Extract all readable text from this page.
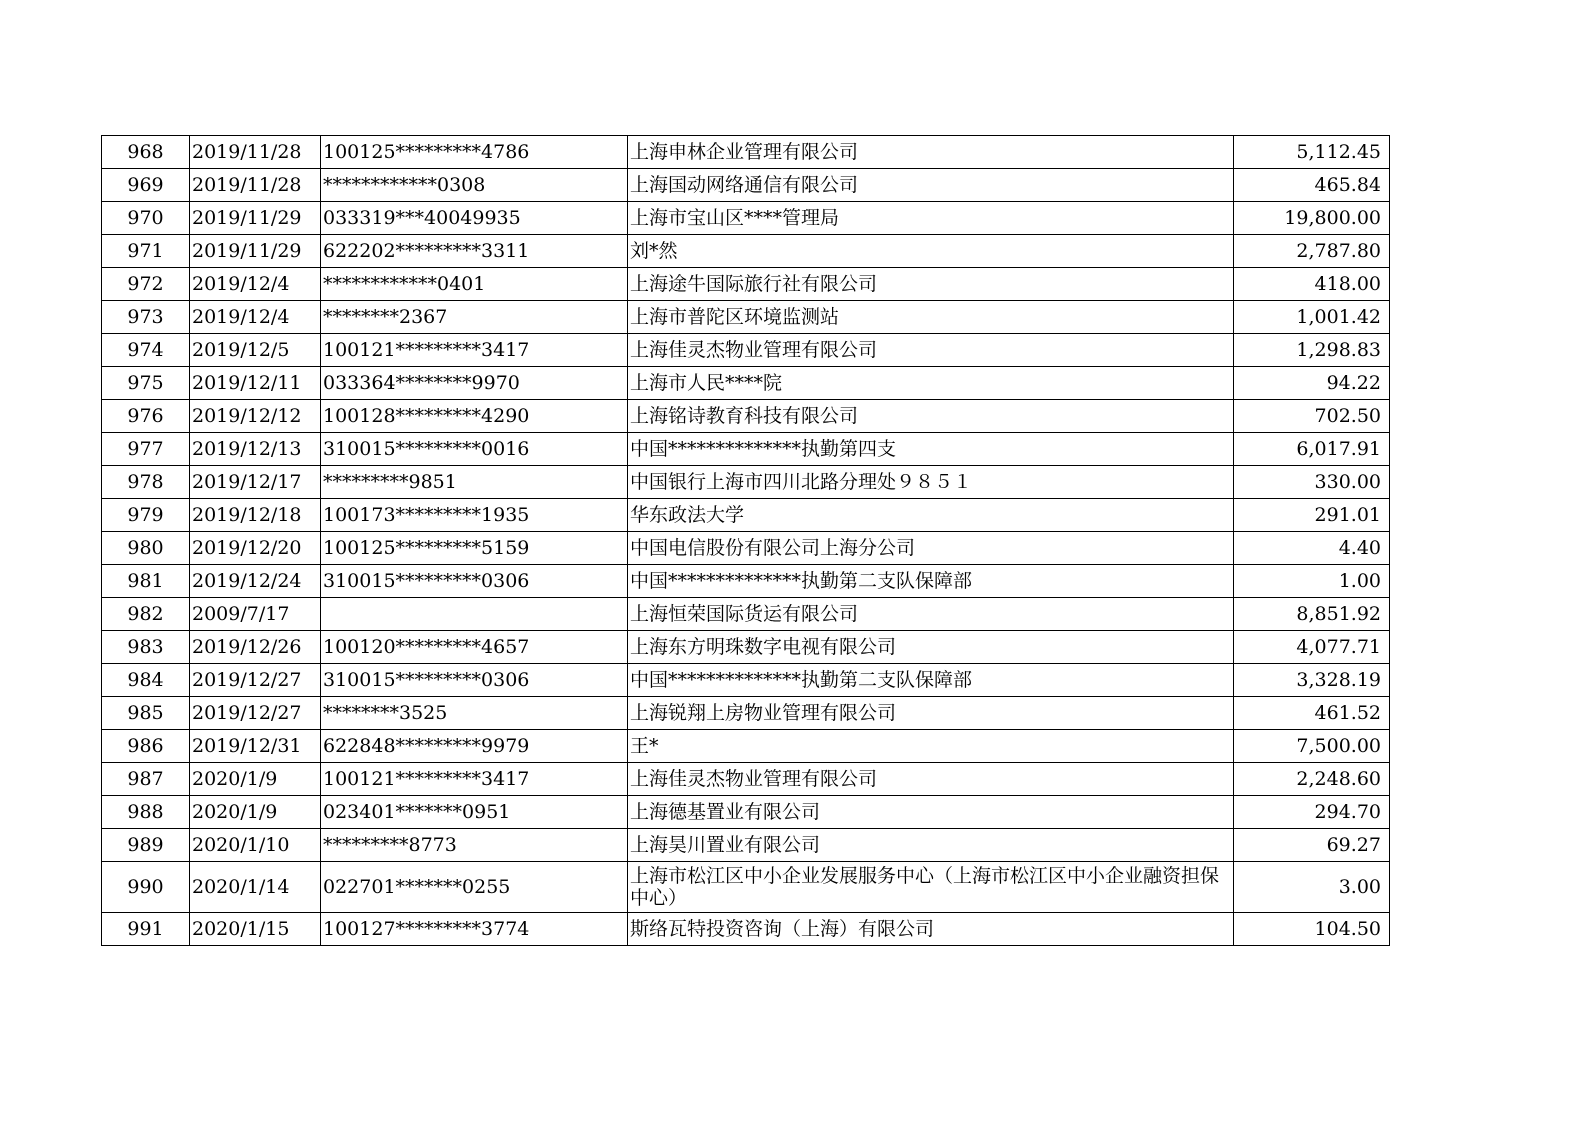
968	2019/11/28	100125*********4786	上海申林企业管理有限公司	5,112.45
969	2019/11/28	************0308	上海国动网络通信有限公司	465.84
970	2019/11/29	033319***40049935	上海市宝山区****管理局	19,800.00
971	2019/11/29	622202*********3311	刘*然	2,787.80
972	2019/12/4	************0401	上海途牛国际旅行社有限公司	418.00
973	2019/12/4	********2367	上海市普陀区环境监测站	1,001.42
974	2019/12/5	100121*********3417	上海佳灵杰物业管理有限公司	1,298.83
975	2019/12/11	033364********9970	上海市人民****院	94.22
976	2019/12/12	100128*********4290	上海铭诗教育科技有限公司	702.50
977	2019/12/13	310015*********0016	中国**************执勤第四支	6,017.91
978	2019/12/17	*********9851	中国银行上海市四川北路分理处９８５１	330.00
979	2019/12/18	100173*********1935	华东政法大学	291.01
980	2019/12/20	100125*********5159	中国电信股份有限公司上海分公司	4.40
981	2019/12/24	310015*********0306	中国**************执勤第二支队保障部	1.00
982	2009/7/17		上海恒荣国际货运有限公司	8,851.92
983	2019/12/26	100120*********4657	上海东方明珠数字电视有限公司	4,077.71
984	2019/12/27	310015*********0306	中国**************执勤第二支队保障部	3,328.19
985	2019/12/27	********3525	上海锐翔上房物业管理有限公司	461.52
986	2019/12/31	622848*********9979	王*	7,500.00
987	2020/1/9	100121*********3417	上海佳灵杰物业管理有限公司	2,248.60
988	2020/1/9	023401*******0951	上海德基置业有限公司	294.70
989	2020/1/10	*********8773	上海昊川置业有限公司	69.27
990	2020/1/14	022701*******0255	上海市松江区中小企业发展服务中心（上海市松江区中小企业融资担保中心）	3.00
991	2020/1/15	100127*********3774	斯络瓦特投资咨询（上海）有限公司	104.50
